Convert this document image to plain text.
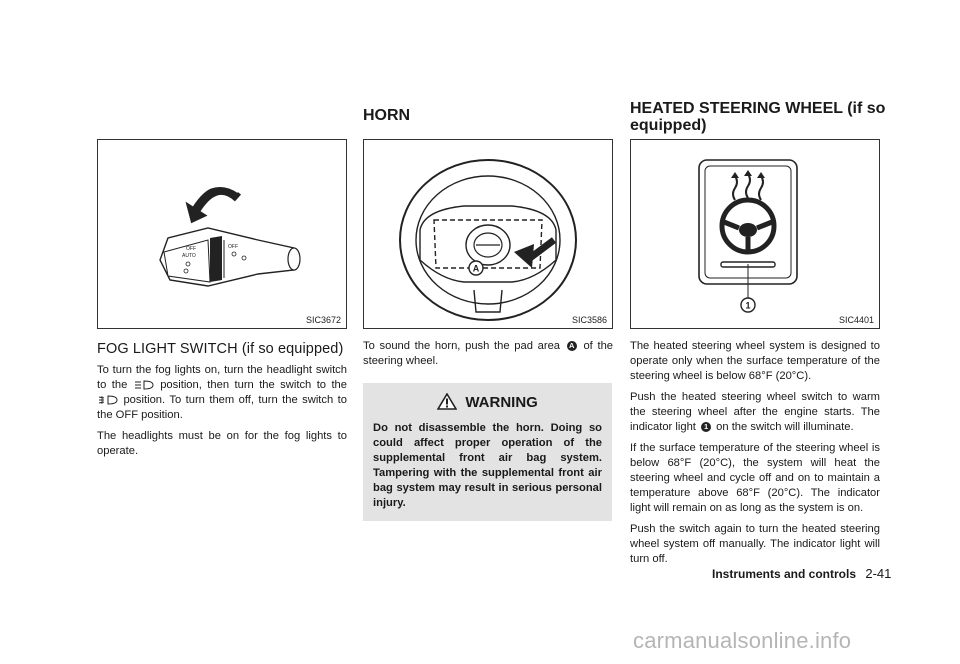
HORN	HEATED STEERING WHEEL (if so
equipped)
OFF
AUTO
OFF
SIC3672
FOG LIGHT SWITCH (if so equipped)

To turn the fog lights on, turn the headlight switch to the	position, then turn the switch to the  position. To turn them off, turn the switch to the OFF position.

The headlights must be on for the fog lights to operate.

A
SIC3586

To sound the horn, push the pad area A of the steering wheel.

WARNING
Do not disassemble the horn. Doing so could affect proper operation of the supplemental front air bag system. Tampering with the supplemental front air bag system may result in serious personal injury.
1
SIC4401

The heated steering wheel system is designed to operate only when the surface temperature of the steering wheel is below 68°F (20°C).

Push the heated steering wheel switch to warm the steering wheel after the engine starts. The indicator light 1 on the switch will illuminate.

If the surface temperature of the steering wheel is below 68°F (20°C), the system will heat the steering wheel and cycle off and on to maintain a temperature above 68°F (20°C). The indicator light will remain on as long as the system is on.

Push the switch again to turn the heated steering wheel system off manually. The indicator light will turn off.

Instruments and controls 2-41
carmanualsonline.info
